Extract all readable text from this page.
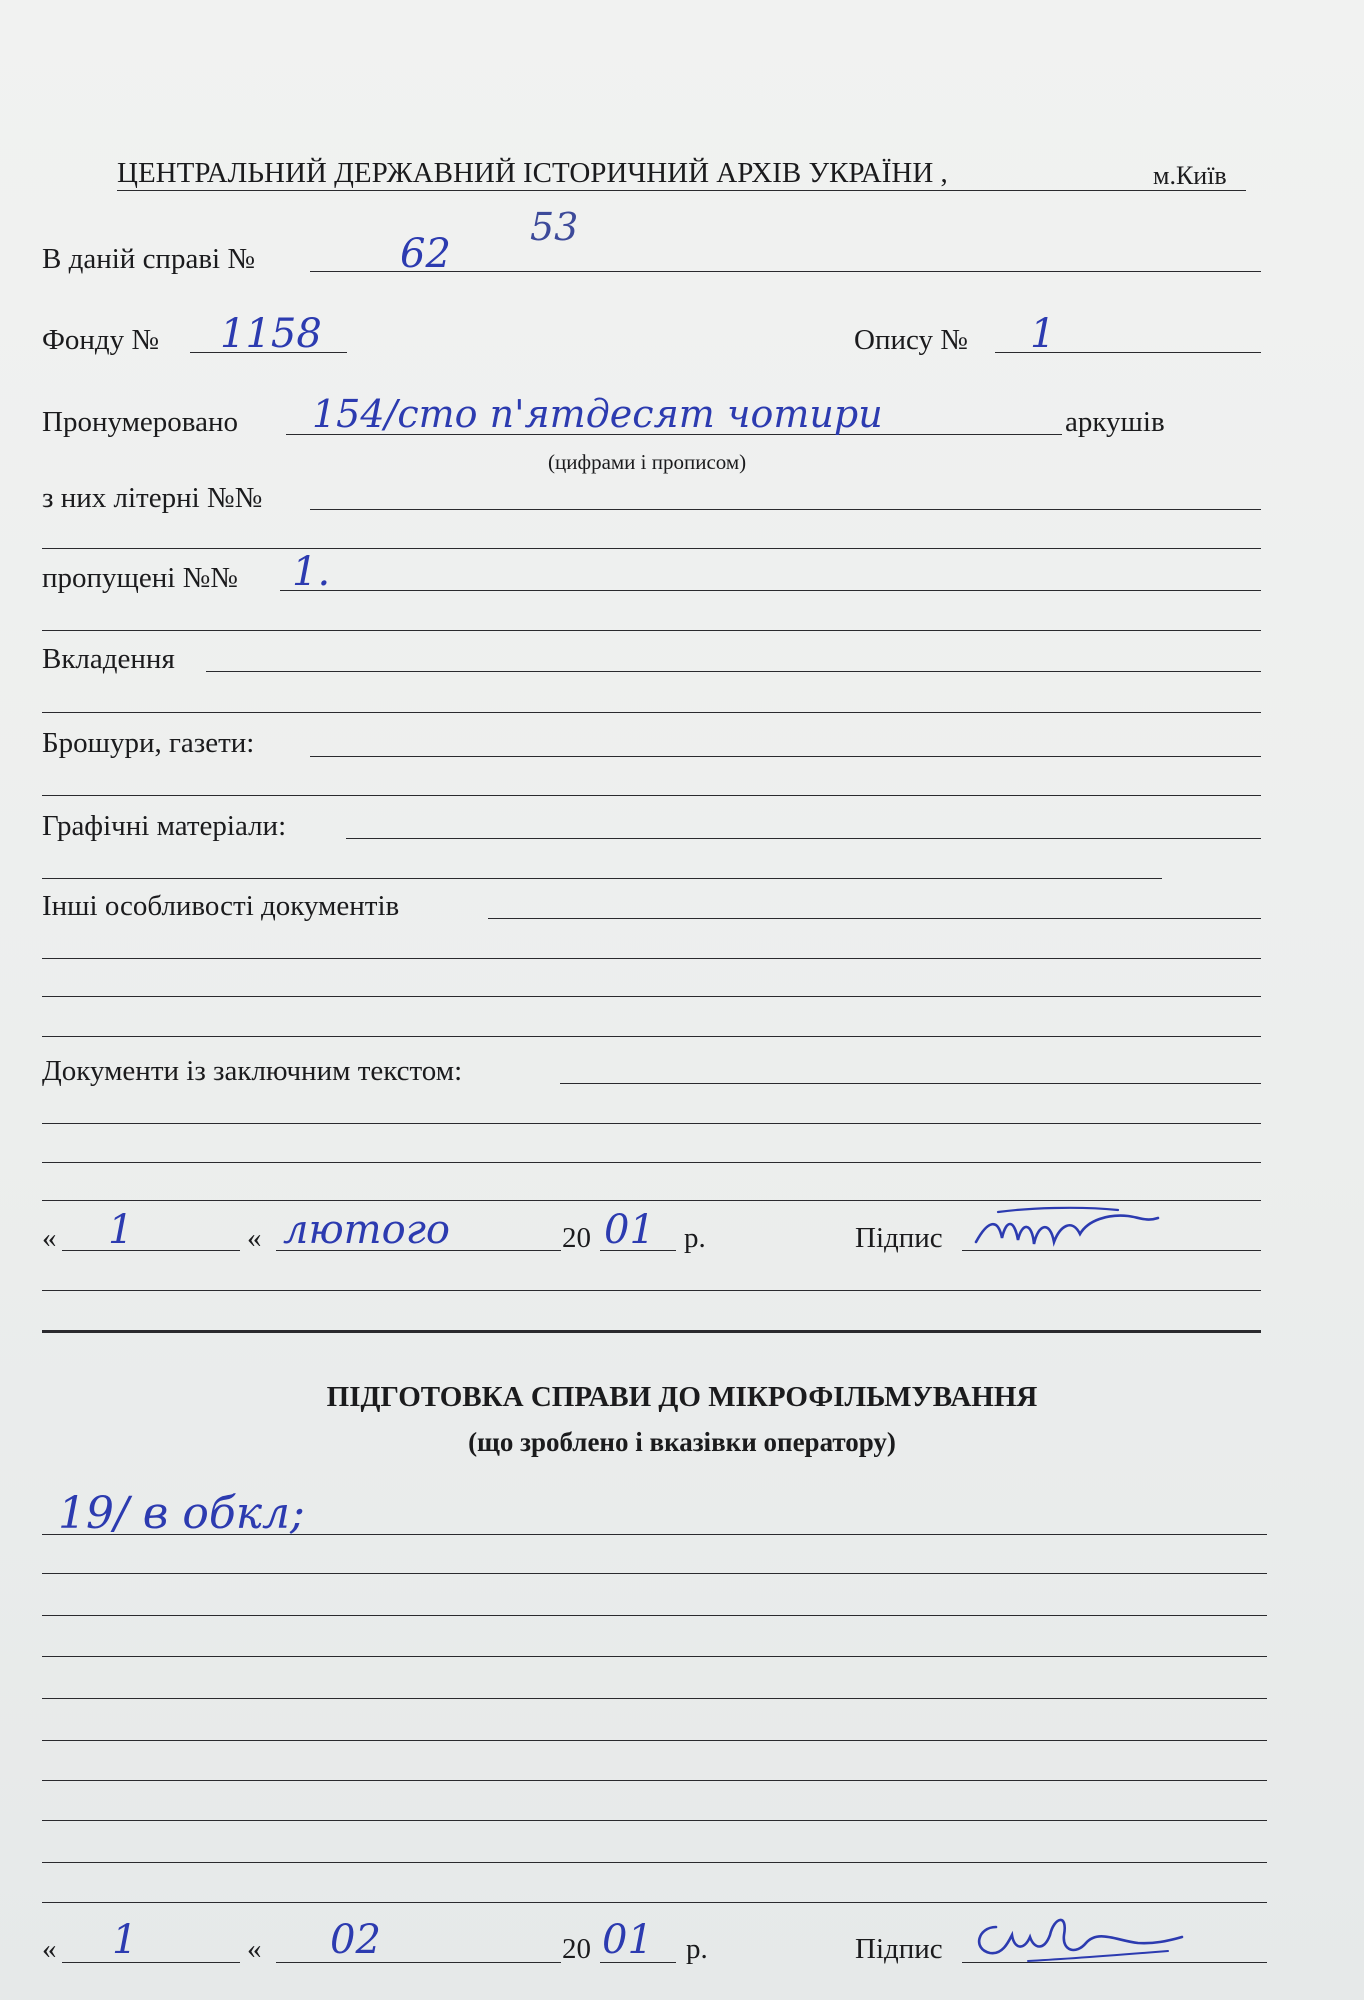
ЦЕНТРАЛЬНИЙ ДЕРЖАВНИЙ ІСТОРИЧНИЙ АРХІВ УКРАЇНИ ,	м.Київ
В даній справі №	62
53
Фонду № 1158	Опису № 1
Пронумеровано 154/сто п'ятдесят чотири	аркушів
(цифрами і прописом)
з них літерні №№
пропущені №№ 1.
Вкладення
Брошури, газети:
Графічні матеріали:
Інші особливості документів
Документи із заключним текстом:
« 1	« лютого	20 01 р.	Підпис
ПІДГОТОВКА СПРАВИ ДО МІКРОФІЛЬМУВАННЯ
(що зроблено і вказівки оператору)
19/ в обкл;
« 1	« 02	20 01 р.	Підпис
